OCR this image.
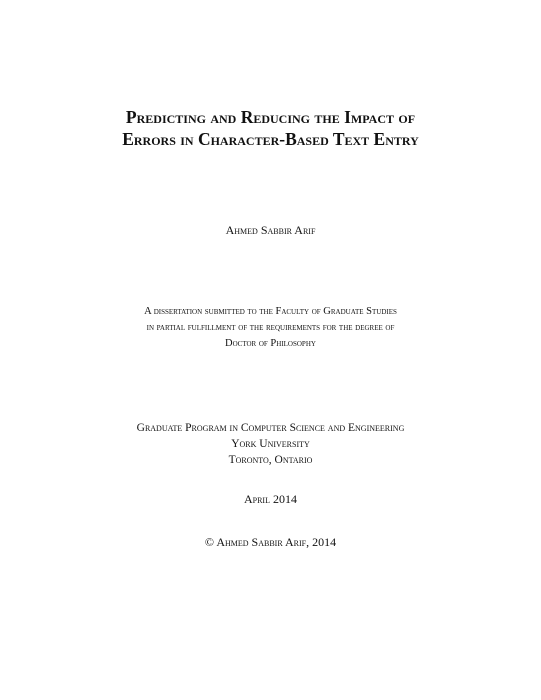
Predicting and Reducing the Impact of
Errors in Character-Based Text Entry
Ahmed Sabbir Arif
A dissertation submitted to the Faculty of Graduate Studies
in partial fulfillment of the requirements for the degree of
Doctor of Philosophy
Graduate Program in Computer Science and Engineering
York University
Toronto, Ontario
April 2014
© Ahmed Sabbir Arif, 2014
